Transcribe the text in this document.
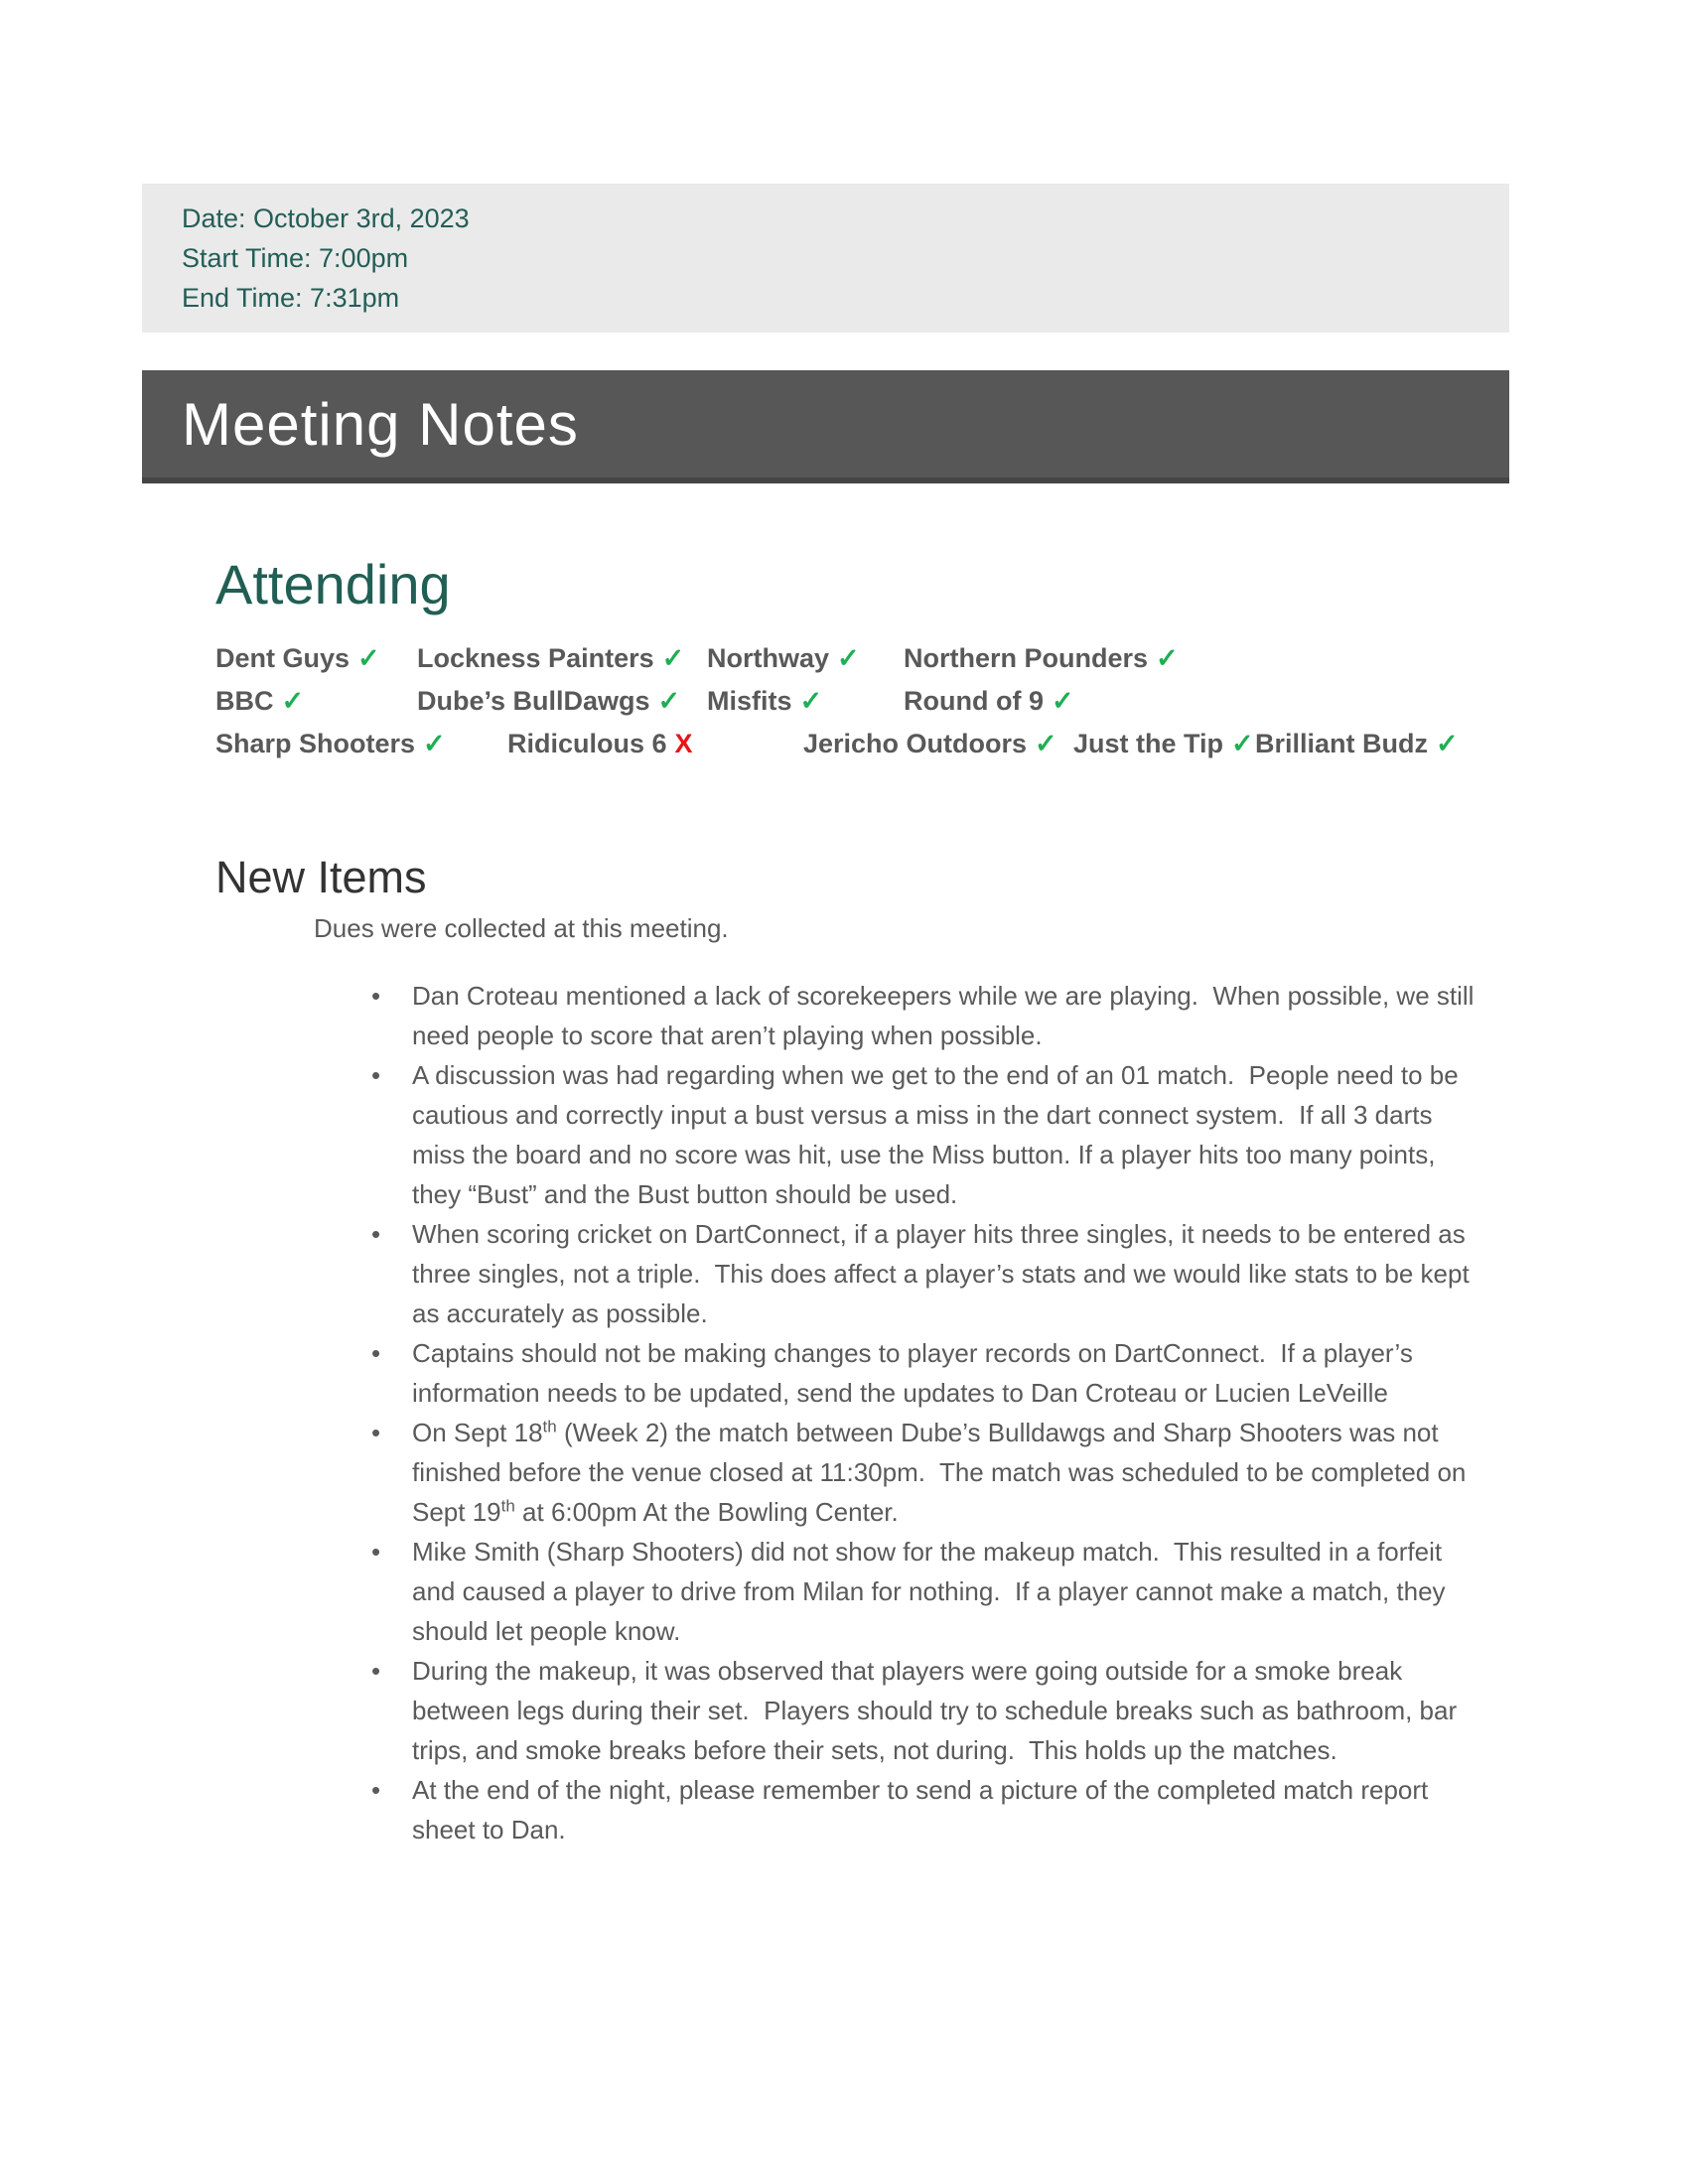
Date: October 3rd, 2023
Start Time: 7:00pm
End Time: 7:31pm
Meeting Notes
Attending
Dent Guys ✓ Lockness Painters ✓ Northway ✓ Northern Pounders ✓
BBC ✓	Dube’s BullDawgs ✓ Misfits ✓	Round of 9 ✓
Sharp Shooters ✓ Ridiculous 6 X	Jericho Outdoors ✓ Just the Tip ✓ Brilliant Budz ✓
New Items
Dues were collected at this meeting.
• Dan Croteau mentioned a lack of scorekeepers while we are playing.  When possible, we still need people to score that aren’t playing when possible.
• A discussion was had regarding when we get to the end of an 01 match.  People need to be cautious and correctly input a bust versus a miss in the dart connect system.  If all 3 darts miss the board and no score was hit, use the Miss button. If a player hits too many points, they “Bust” and the Bust button should be used.
• When scoring cricket on DartConnect, if a player hits three singles, it needs to be entered as three singles, not a triple.  This does affect a player’s stats and we would like stats to be kept as accurately as possible.
• Captains should not be making changes to player records on DartConnect.  If a player’s information needs to be updated, send the updates to Dan Croteau or Lucien LeVeille
• On Sept 18th (Week 2) the match between Dube’s Bulldawgs and Sharp Shooters was not finished before the venue closed at 11:30pm.  The match was scheduled to be completed on Sept 19th at 6:00pm At the Bowling Center.
• Mike Smith (Sharp Shooters) did not show for the makeup match.  This resulted in a forfeit and caused a player to drive from Milan for nothing.  If a player cannot make a match, they should let people know.
• During the makeup, it was observed that players were going outside for a smoke break between legs during their set.  Players should try to schedule breaks such as bathroom, bar trips, and smoke breaks before their sets, not during.  This holds up the matches.
• At the end of the night, please remember to send a picture of the completed match report sheet to Dan.
